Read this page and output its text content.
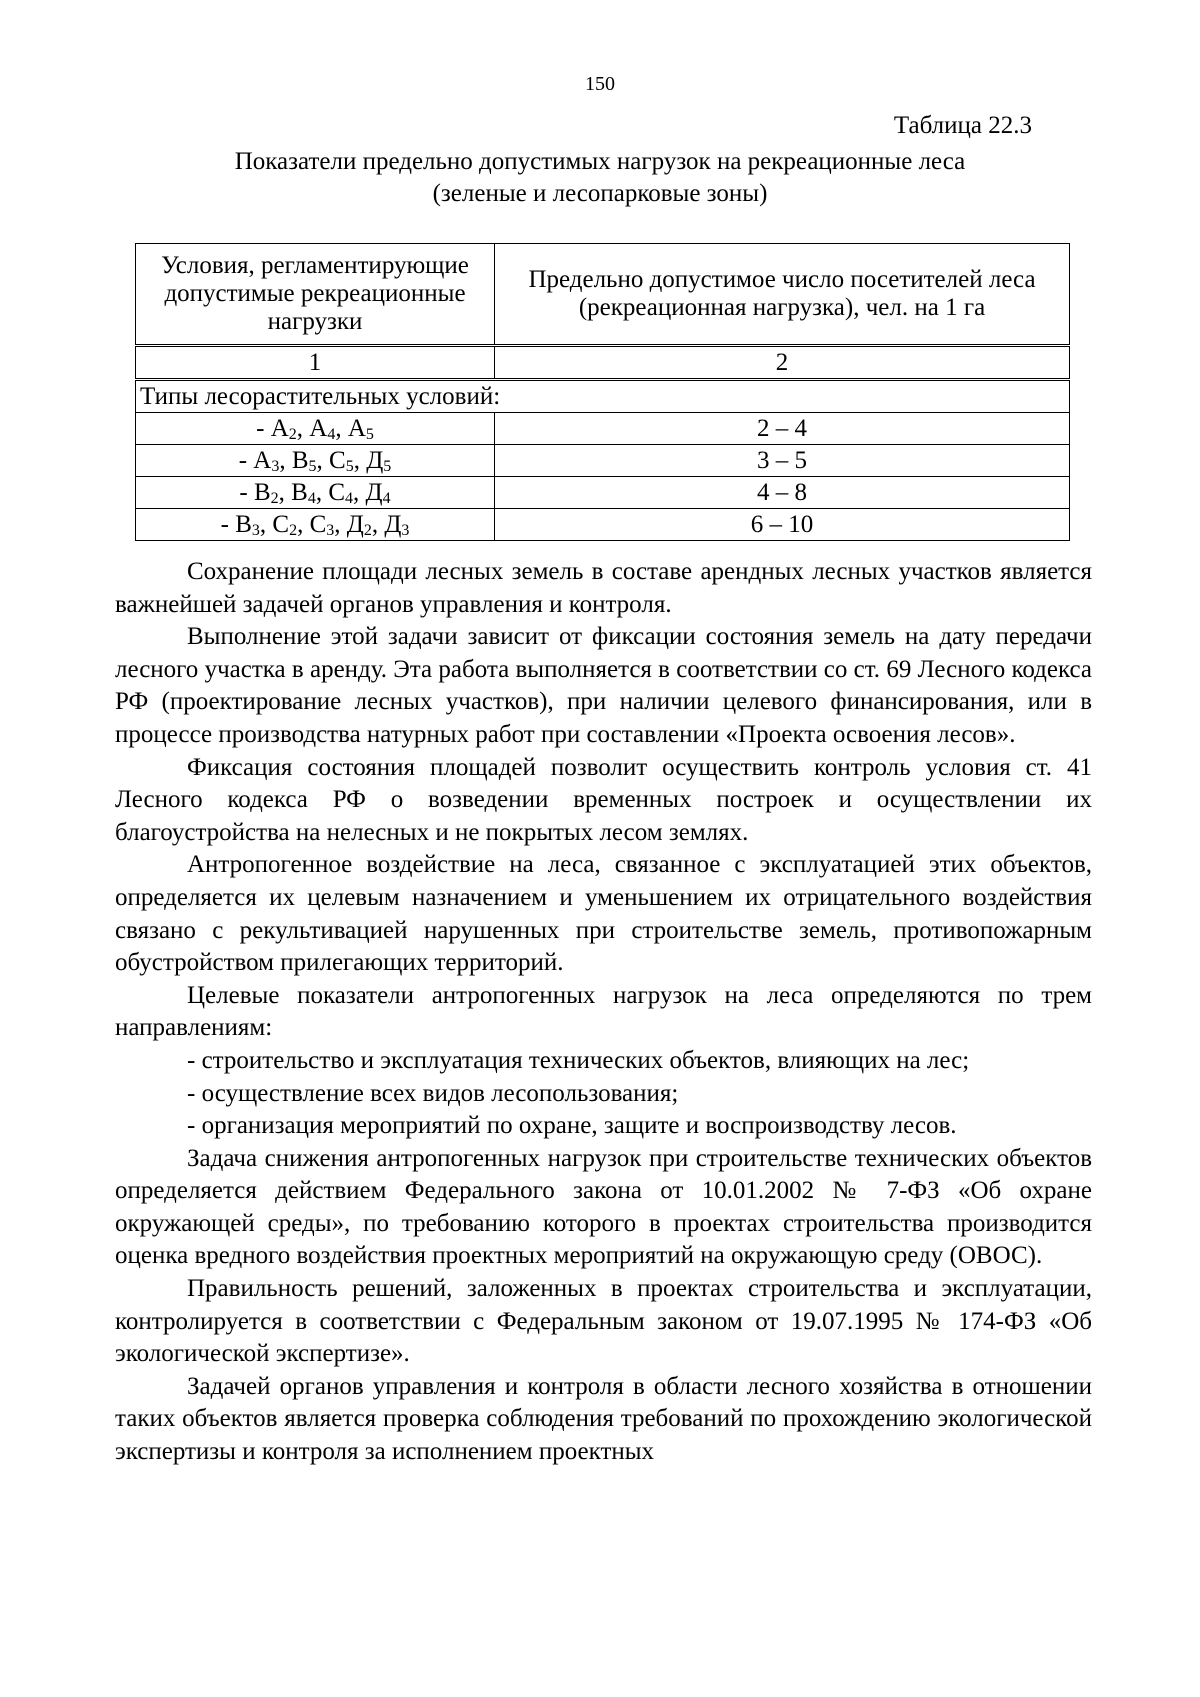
150
Таблица 22.3
Показатели предельно допустимых нагрузок на рекреационные леса
(зеленые и лесопарковые зоны)
Условия, регламентирующие допустимые рекреационные нагрузки	Предельно допустимое число посетителей леса (рекреационная нагрузка), чел. на 1 га
1	2
Типы лесорастительных условий:	
- $А_2$, $А_4$, $А_5$	2 – 4
- $А_3$, $В_5$, $С_5$, $Д_5$	3 – 5
- $В_2$, $В_4$, $С_4$, $Д_4$	4 – 8
- $В_3$, $С_2$, $С_3$, $Д_2$, $Д_3$	6 – 10

Сохранение площади лесных земель в составе арендных лесных участков является важнейшей задачей органов управления и контроля.

Выполнение этой задачи зависит от фиксации состояния земель на дату передачи лесного участка в аренду. Эта работа выполняется в соответствии со ст. 69 Лесного кодекса РФ (проектирование лесных участков), при наличии целевого финансирования, или в процессе производства натурных работ при составлении «Проекта освоения лесов».

Фиксация состояния площадей позволит осуществить контроль условия ст. 41 Лесного кодекса РФ о возведении временных построек и осуществлении их благоустройства на нелесных и не покрытых лесом землях.

Антропогенное воздействие на леса, связанное с эксплуатацией этих объектов, определяется их целевым назначением и уменьшением их отрицательного воздействия связано с рекультивацией нарушенных при строительстве земель, противопожарным обустройством прилегающих территорий.

Целевые показатели антропогенных нагрузок на леса определяются по трем направлениям:

- строительство и эксплуатация технических объектов, влияющих на лес;

- осуществление всех видов лесопользования;

- организация мероприятий по охране, защите и воспроизводству лесов.

Задача снижения антропогенных нагрузок при строительстве технических объектов определяется действием Федерального закона от 10.01.2002 № 7-ФЗ «Об охране окружающей среды», по требованию которого в проектах строительства производится оценка вредного воздействия проектных мероприятий на окружающую среду (ОВОС).

Правильность решений, заложенных в проектах строительства и эксплуатации, контролируется в соответствии с Федеральным законом от 19.07.1995 № 174-ФЗ «Об экологической экспертизе».

Задачей органов управления и контроля в области лесного хозяйства в отношении таких объектов является проверка соблюдения требований по прохождению экологической экспертизы и контроля за исполнением проектных
